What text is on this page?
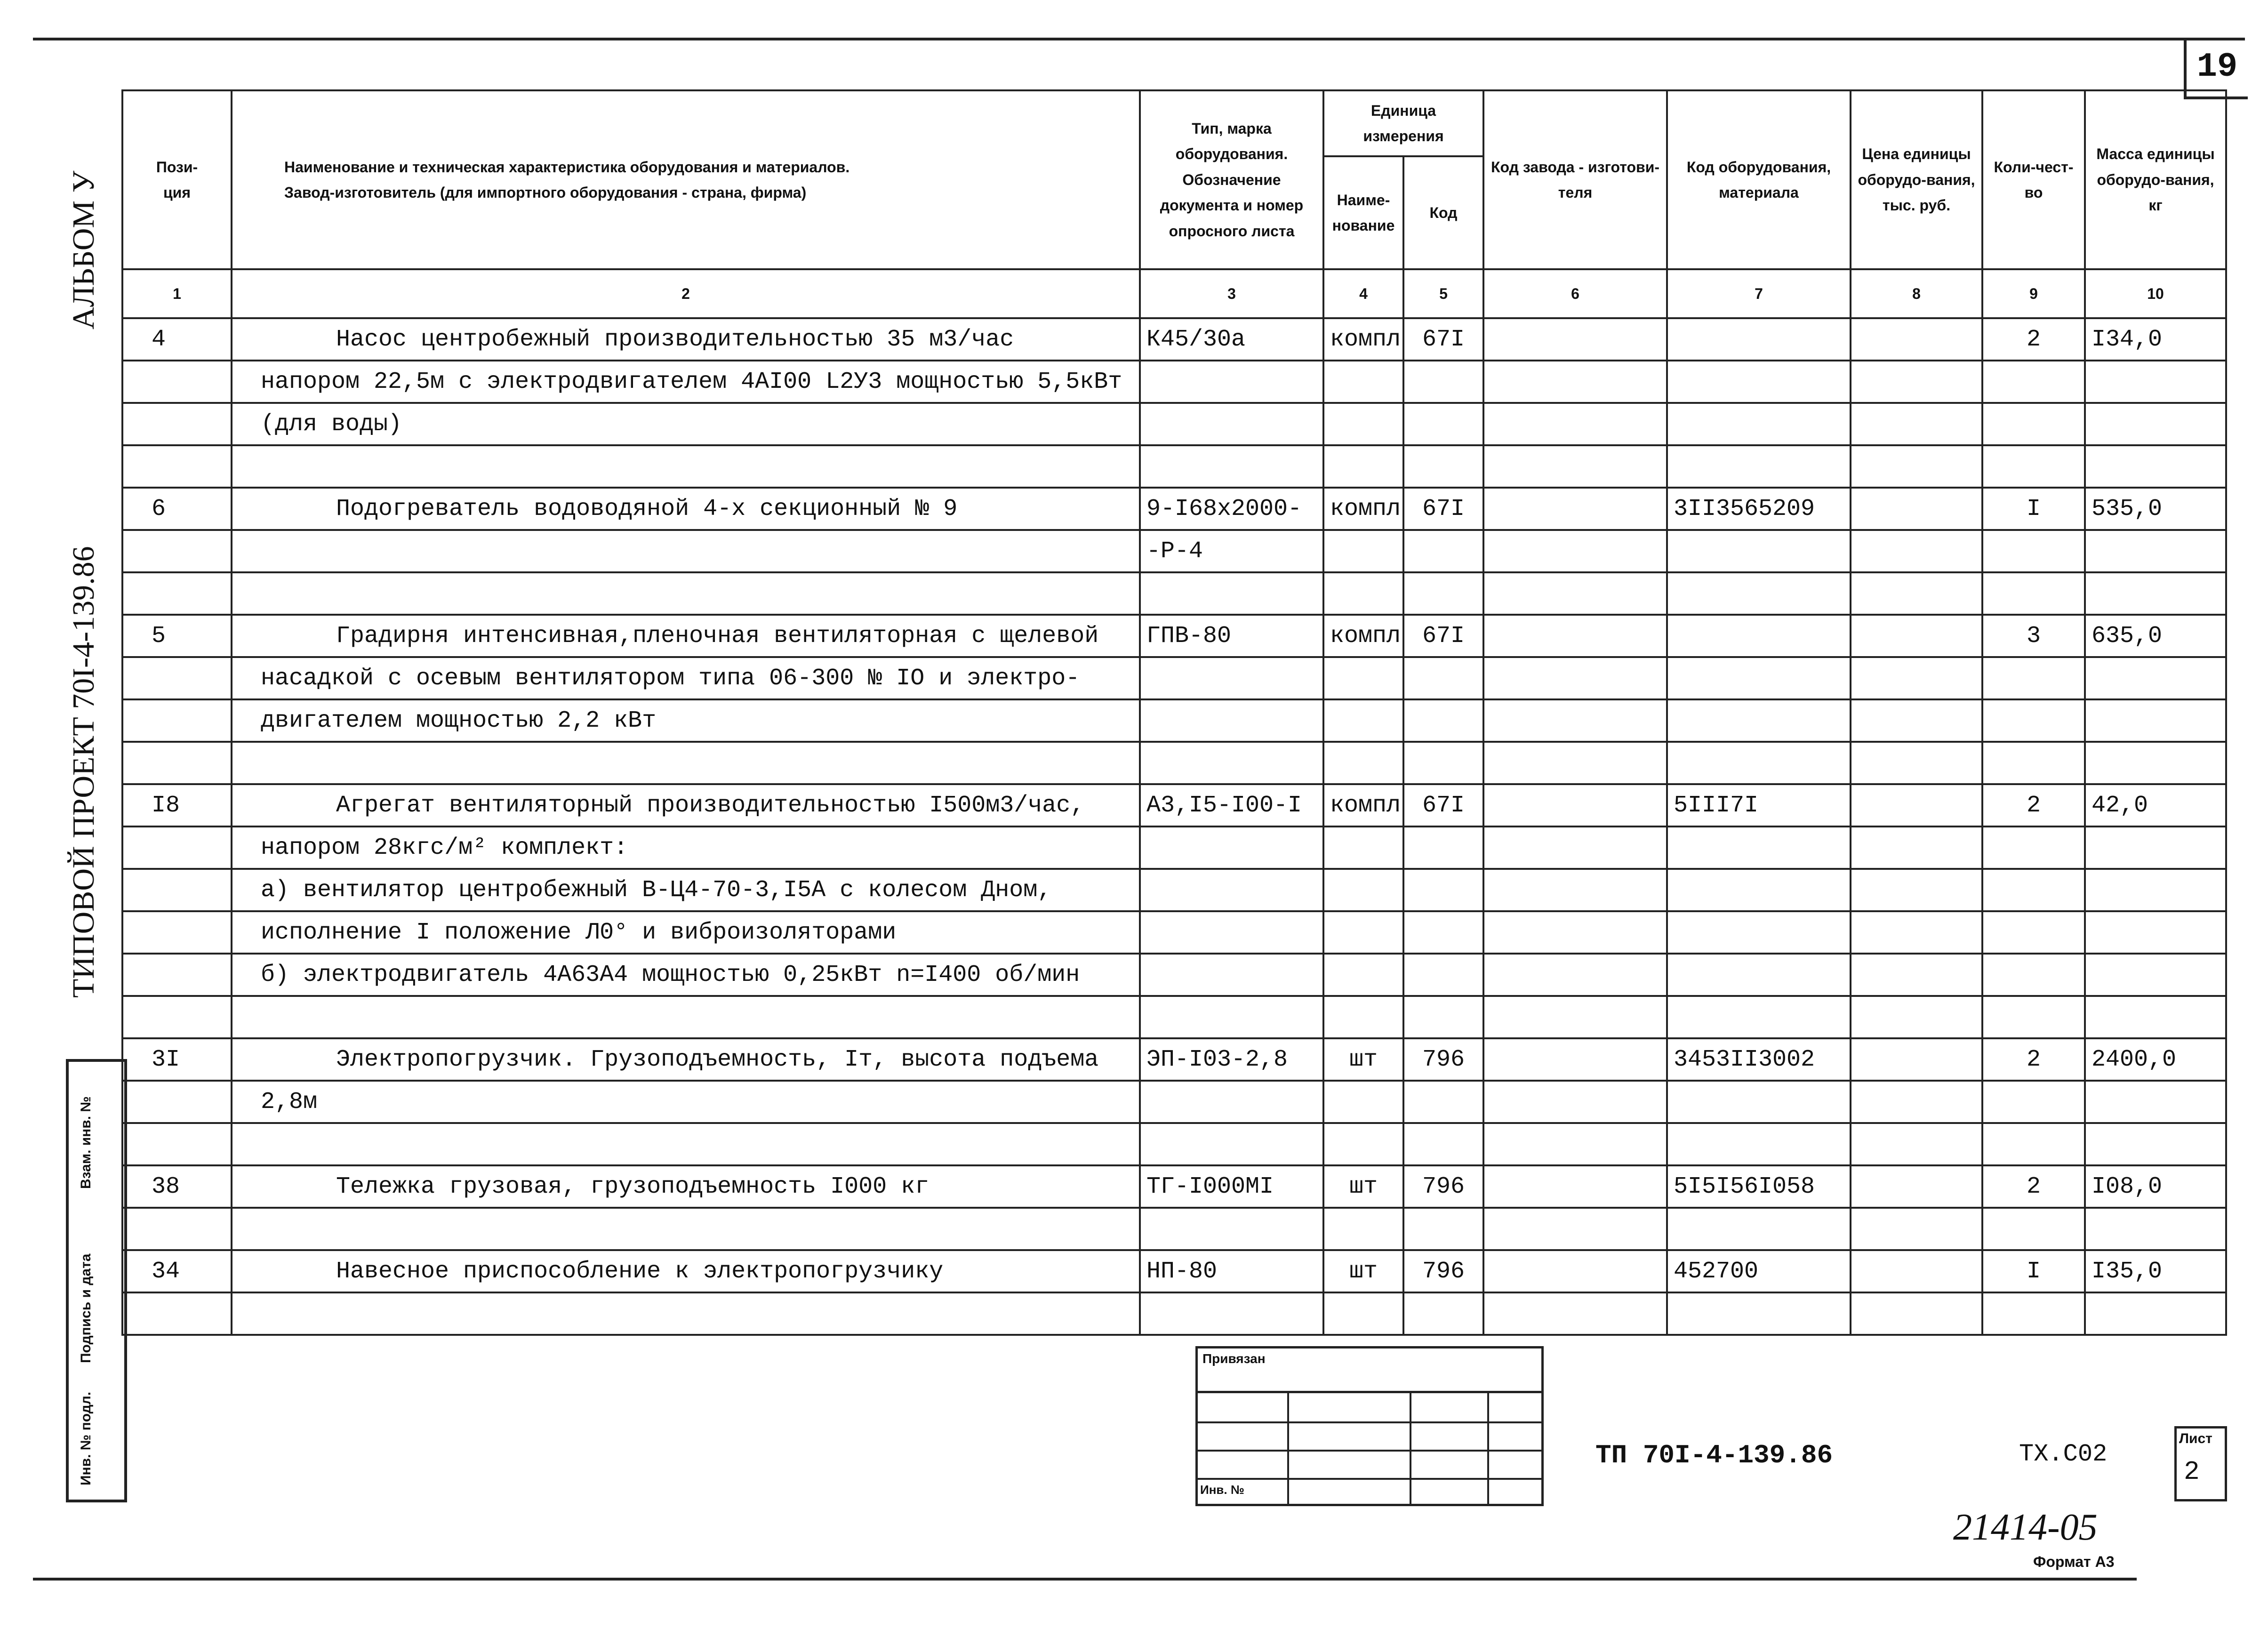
19
АЛЬБОМ У
ТИПОВОЙ ПРОЕКТ 70I-4-139.86
Инв. № подл.
Подпись и дата
Взам. инв. №
Пози-
ция	Наименование и техническая характеристика оборудования и материалов.
Завод-изготовитель (для импортного оборудования - страна, фирма)	Тип, марка оборудования. Обозначение документа и номер опросного листа	Единица измерения		Код завода - изготови-теля	Код оборудования, материала	Цена единицы оборудо-вания, тыс. руб.	Коли-чест-во	Масса единицы оборудо-вания, кг
			Наиме-нование	Код					
1	2	3	4	5	6	7	8	9	10
4	Насос центробежный производительностью 35 м3/час	К45/30а	компл	67I				2	I34,0
	напором 22,5м с электродвигателем 4АI00 L2У3 мощностью 5,5кВт								
	(для воды)								

6	Подогреватель водоводяной 4-х секционный № 9	9-I68х2000-	компл	67I		3II3565209		I	535,0
		-Р-4							

5	Градирня интенсивная,пленочная вентиляторная с щелевой	ГПВ-80	компл	67I				3	635,0
	насадкой с осевым вентилятором типа 06-300 № IO и электро-								
	двигателем мощностью 2,2 кВт								

I8	Агрегат вентиляторный производительностью I500м3/час,	А3,I5-I00-I	компл	67I		5III7I		2	42,0
	напором 28кгс/м² комплект:								
	а) вентилятор центробежный В-Ц4-70-3,I5А с колесом Дном,								
	исполнение I положение Л0° и виброизоляторами								
	б) электродвигатель 4А63А4 мощностью 0,25кВт n=I400 об/мин								

3I	Электропогрузчик. Грузоподъемность, Iт, высота подъема	ЭП-I03-2,8	шт	796		3453II3002		2	2400,0
	2,8м								

38	Тележка грузовая, грузоподъемность I000 кг	ТГ-I000МI	шт	796		5I5I56I058		2	I08,0

34	Навесное приспособление к электропогрузчику	НП-80	шт	796		452700		I	I35,0

Привязан
Инв. №
ТП 70I-4-139.86	ТХ.С02
Лист
2
21414-05
Формат А3
